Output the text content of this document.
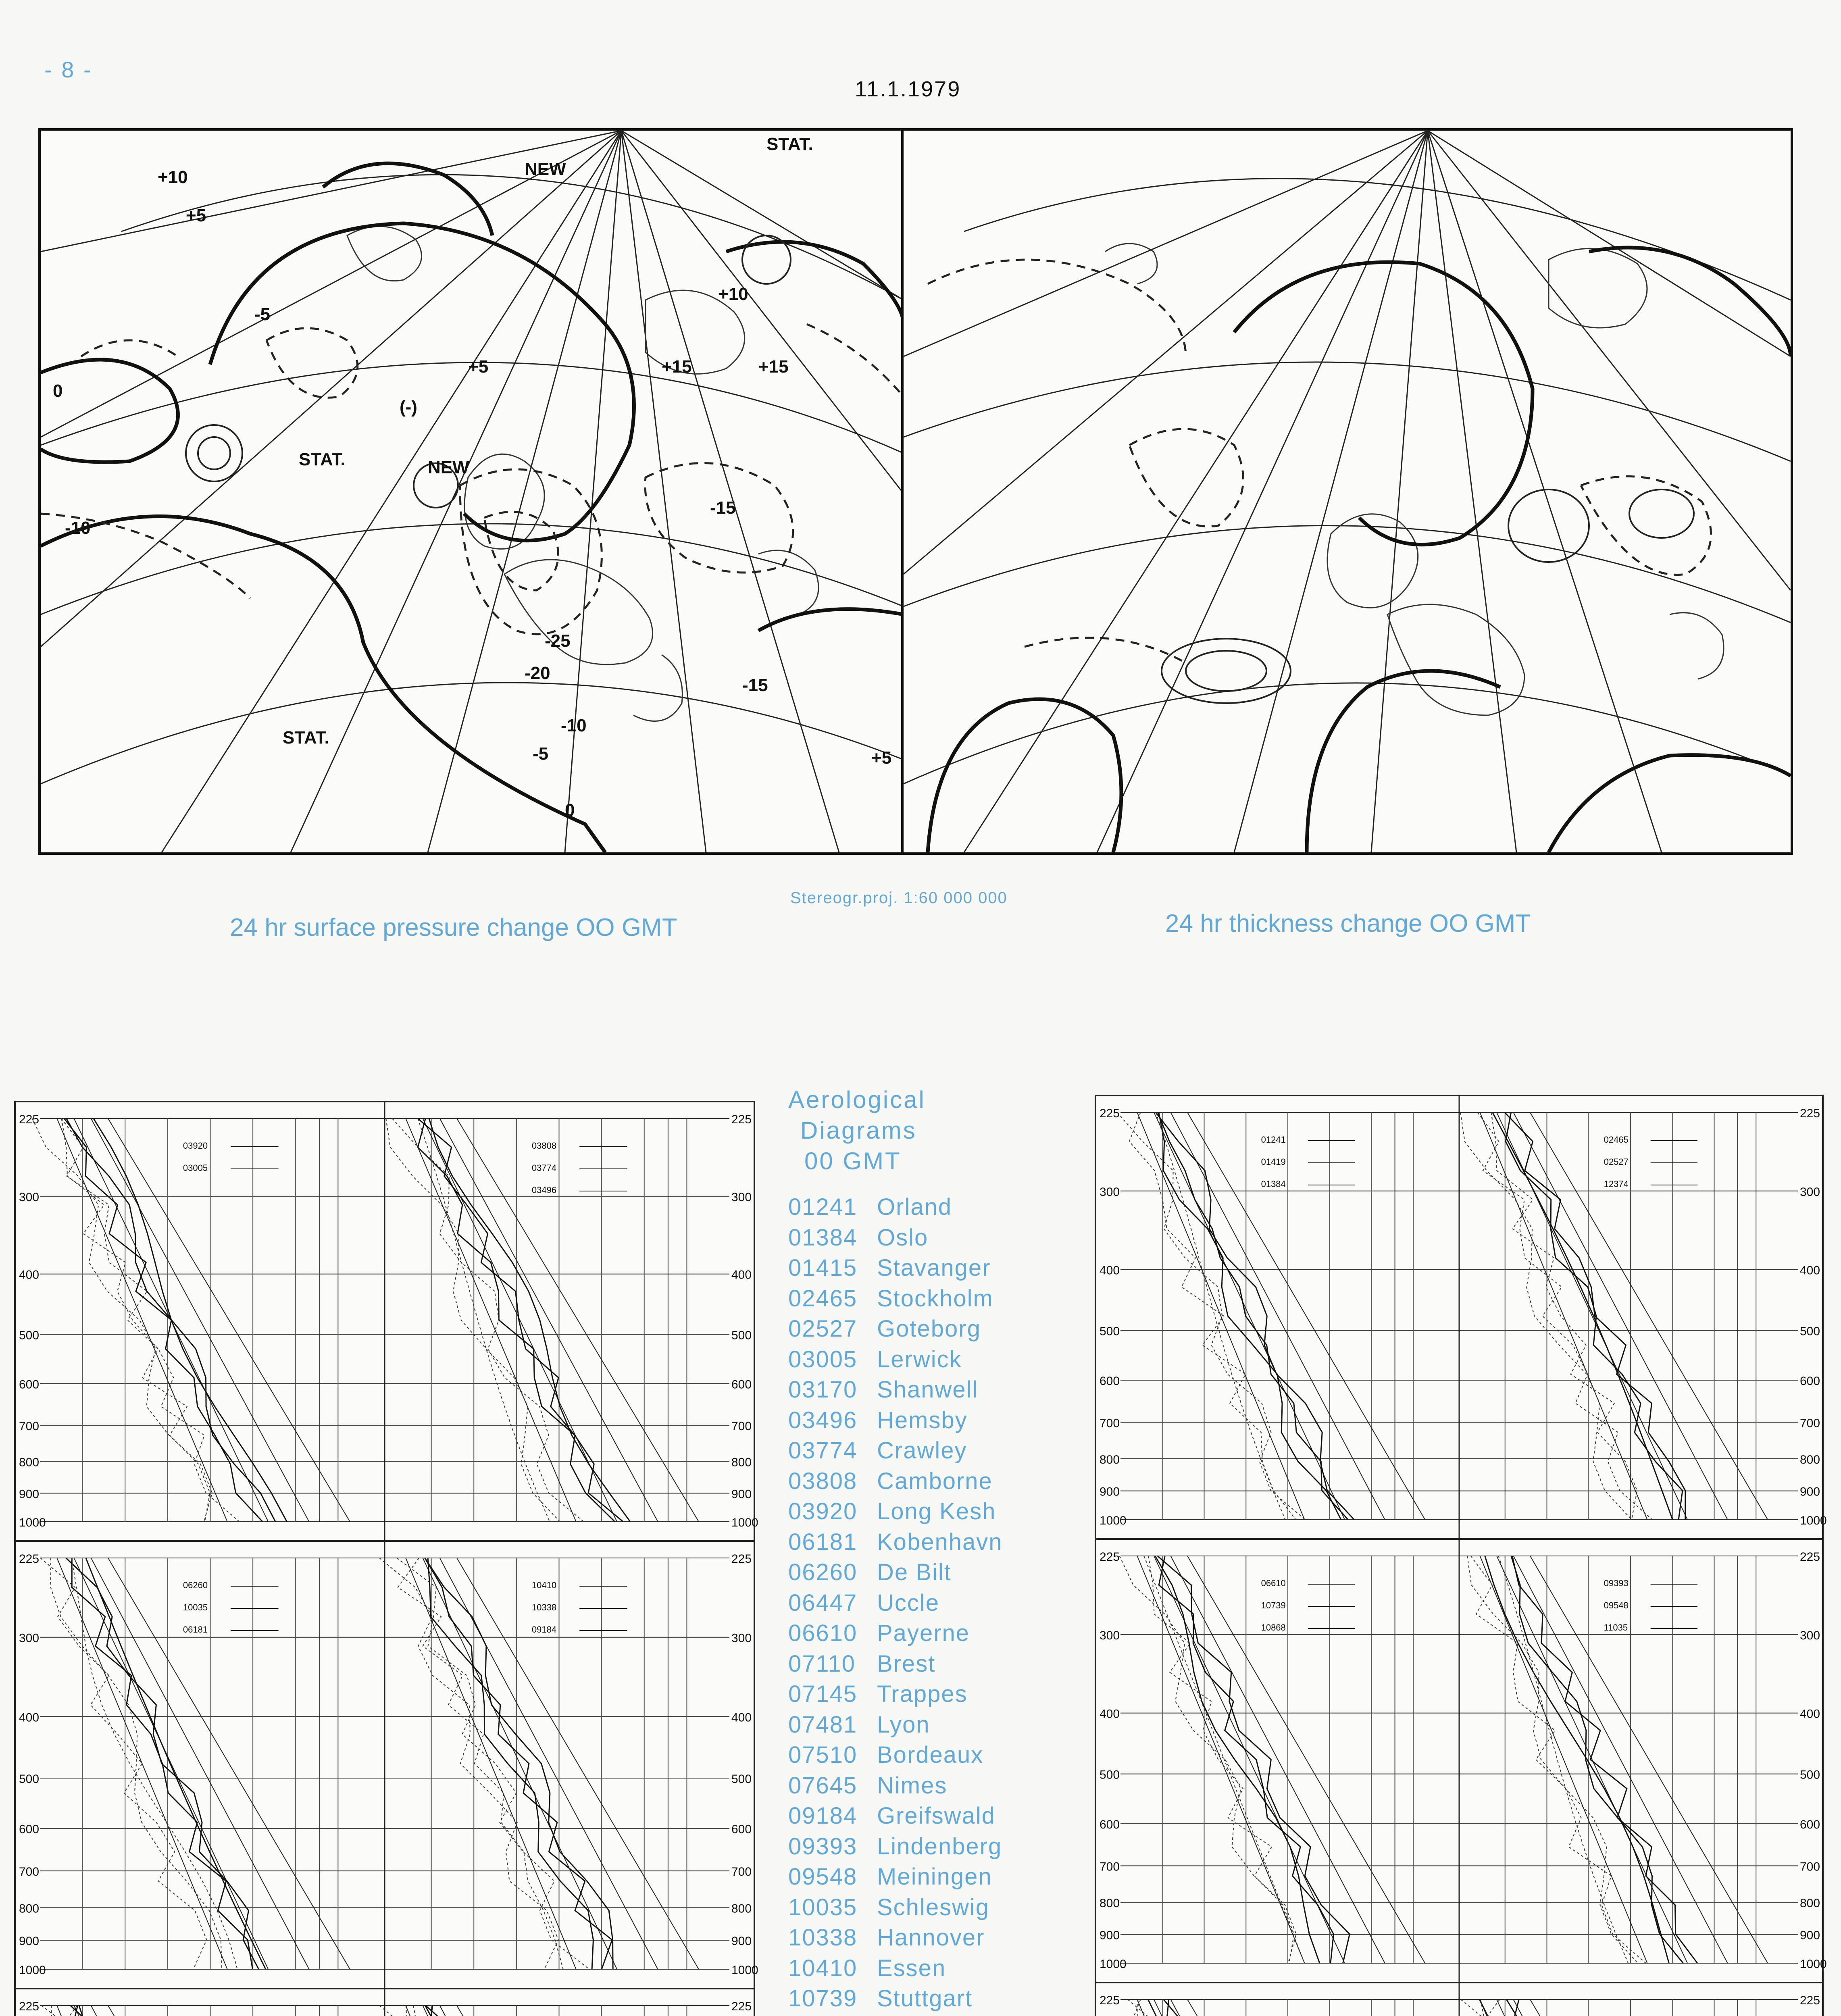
- 8 -
11.1.1979
STAT.
NEW
+10
+5
-5
+15
-10
0
-15
-20
-25
(-)
NEW
STAT.
STAT.
+5
+10
+15
-15
-5
-10
+5
0
24 hr surface pressure change OO GMT
Stereogr.proj. 1:60 000 000
24 hr thickness change OO GMT
225	225
300	300
400	400
500	500
600	600
700	700
800	800
900	900
1000	1000
03920
03005
03808
03774
03496
225	225
300	300
400	400
500	500
600	600
700	700
800	800
900	900
1000	1000
06260
10035
06181
10410
10338
09184
225	225
225	225
300	300
400	400
500	500
600	600
700	700
800	800
900	900
1000	1000
01241
01419
01384
02465
02527
12374
225	225
300	300
400	400
500	500
600	600
700	700
800	800
900	900
1000	1000
06610
10739
10868
09393
09548
11035
225	225
Aerological
Diagrams
00 GMT
01241 Orland
01384 Oslo
01415 Stavanger
02465 Stockholm
02527 Goteborg
03005 Lerwick
03170 Shanwell
03496 Hemsby
03774 Crawley
03808 Camborne
03920 Long Kesh
06181 Kobenhavn
06260 De Bilt
06447 Uccle
06610 Payerne
07110 Brest
07145 Trappes
07481 Lyon
07510 Bordeaux
07645 Nimes
09184 Greifswald
09393 Lindenberg
09548 Meiningen
10035 Schleswig
10338 Hannover
10410 Essen
10739 Stuttgart
